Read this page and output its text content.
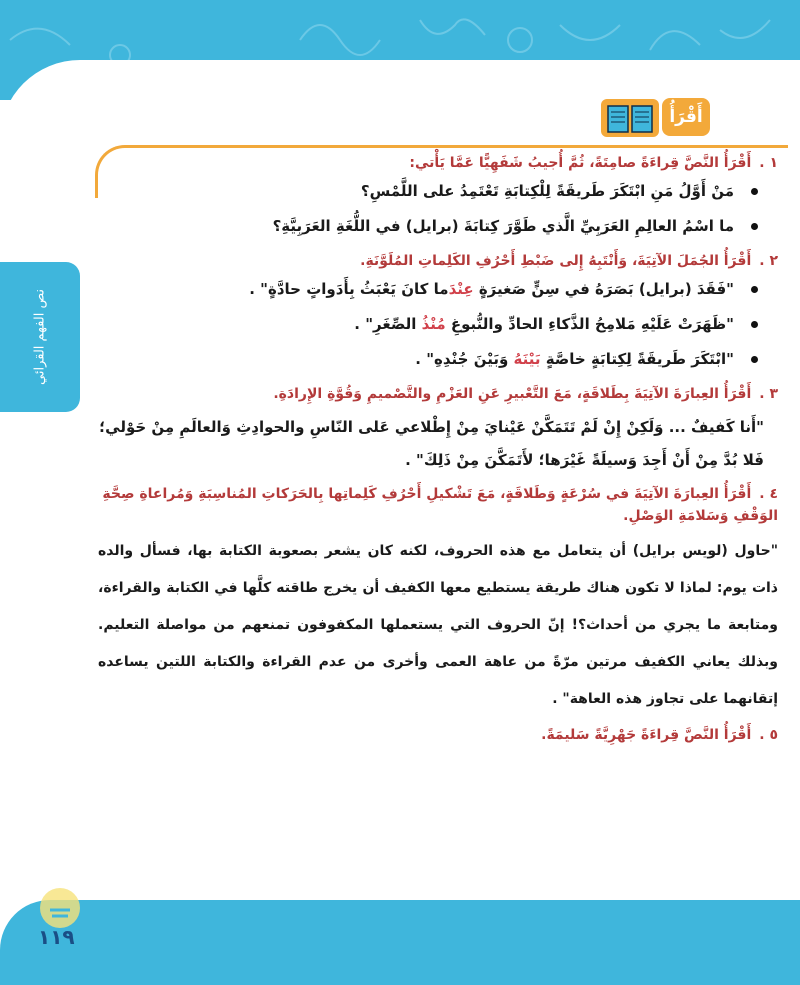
نص الفهم القرائي
أَقْرَأُ
١ .أَقْرَأُ النَّصَّ قِراءَةً صامِتَةً، ثُمَّ أُجيبُ شَفَهِيًّا عَمَّا يَأْتي:
مَنْ أَوَّلُ مَنِ ابْتَكَرَ طَريقَةً لِلْكِتابَةِ تَعْتَمِدُ على اللَّمْسِ؟
ما اسْمُ العالِمِ العَرَبِيِّ الَّذي طَوَّرَ كِتابَةَ (برايل) في اللُّغَةِ العَرَبِيَّةِ؟
٢ .أَقْرَأُ الجُمَلَ الآتِيَةَ، وَأَنْتَبِهُ إِلى ضَبْطِ أَحْرُفِ الكَلِماتِ المُلَوَّنَةِ.
"فَقَدَ (برايل) بَصَرَهُ في سِنٍّ صَغيرَةٍ عِنْدَما كانَ يَعْبَثُ بِأَدَواتٍ حادَّةٍ" .
"ظَهَرَتْ عَلَيْهِ مَلامِحُ الذَّكاءِ الحادِّ والنُّبوغِ مُنْذُ الصِّغَرِ" .
"ابْتَكَرَ طَريقَةً لِكِتابَةٍ خاصَّةٍ بَيْنَهُ وَبَيْنَ جُنْدِهِ" .
٣ .أَقْرَأُ العِبارَةَ الآتِيَةَ بِطَلاقَةٍ، مَعَ التَّعْبيرِ عَنِ العَزْمِ والتَّصْميمِ وَقُوَّةِ الإِرادَةِ.
"أَنا كَفيفٌ ... وَلَكِنْ إِنْ لَمْ تَتَمَكَّنْ عَيْنايَ مِنْ إِطْلاعي عَلى النّاسِ والحوادِثِ وَالعالَمِ مِنْ حَوْلي؛ فَلا بُدَّ مِنْ أَنْ أَجِدَ وَسيلَةً غَيْرَها؛ لأَتَمَكَّنَ مِنْ ذَلِكَ" .
٤ .أَقْرَأُ العِبارَةَ الآتِيَةَ في سُرْعَةٍ وَطَلاقَةٍ، مَعَ تَشْكيلِ أَحْرُفِ كَلِماتِها بِالحَرَكاتِ المُناسِبَةِ وَمُراعاةِ صِحَّةِ الوَقْفِ وَسَلامَةِ الوَصْلِ.
"حاول (لويس برايل) أن يتعامل مع هذه الحروف، لكنه كان يشعر بصعوبة الكتابة بها، فسأل والده ذات يوم: لماذا لا تكون هناك طريقة يستطيع معها الكفيف أن يخرج طاقته كلَّها في الكتابة والقراءة، ومتابعة ما يجري من أحداث؟! إنّ الحروف التي يستعملها المكفوفون تمنعهم من مواصلة التعليم. وبذلك يعاني الكفيف مرتين مرّةً من عاهة العمى وأخرى من عدم القراءة والكتابة اللتين يساعده إتقانهما على تجاوز هذه العاهة" .
٥ .أَقْرَأُ النَّصَّ قِراءَةً جَهْرِيَّةً سَليمَةً.
١١٩
